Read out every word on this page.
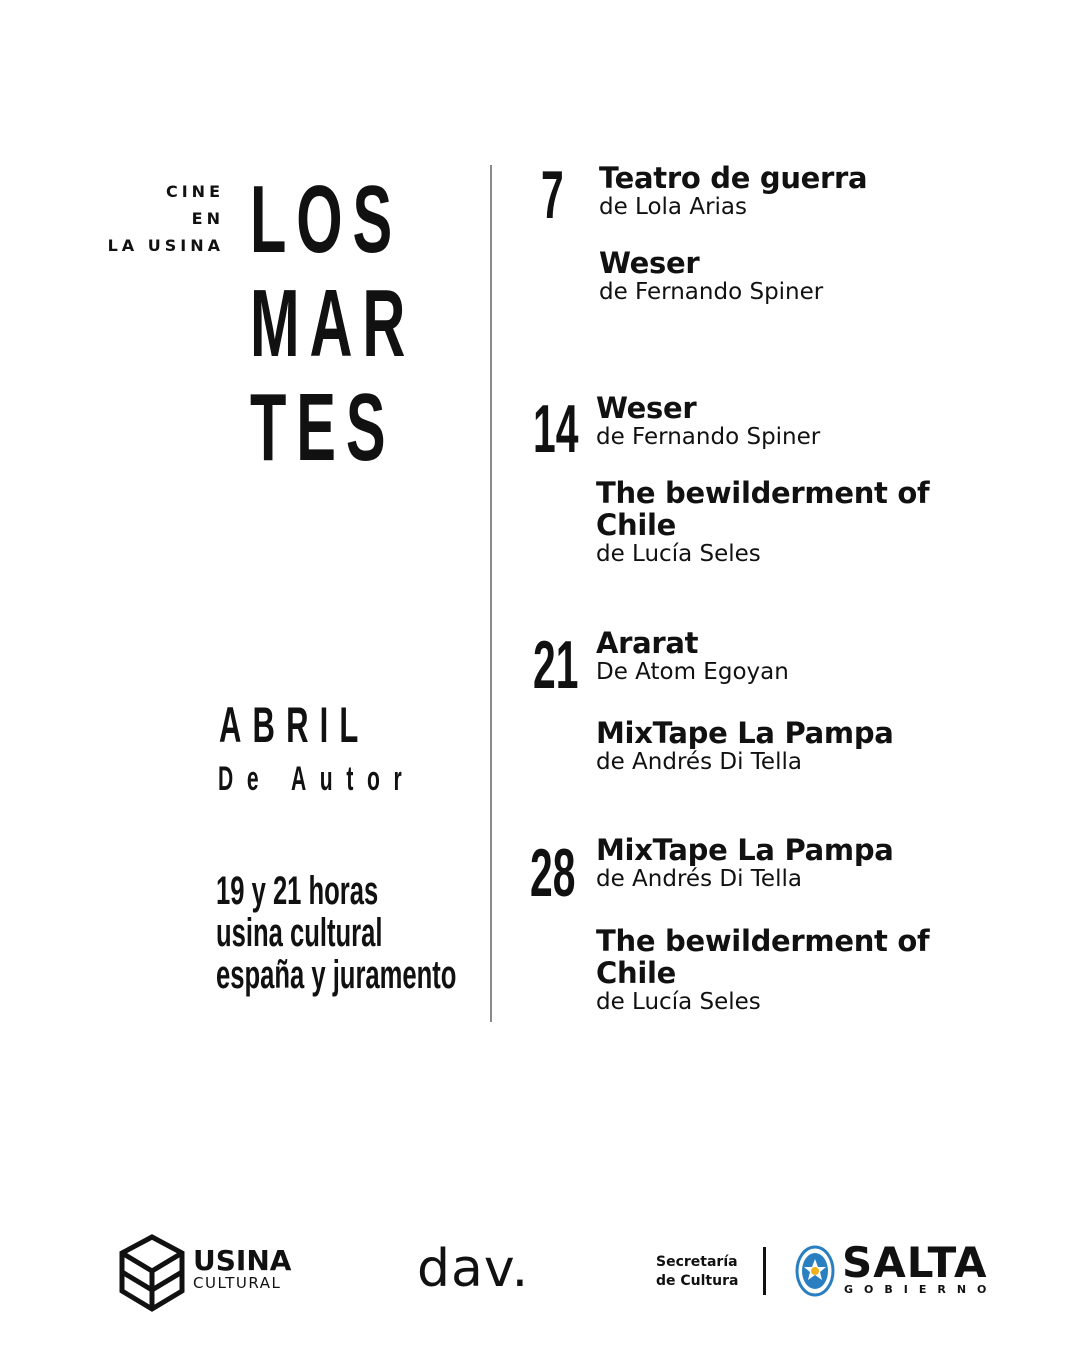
CINE
EN
LA USINA LOS
MAR
TES
ABRIL
De Autor
19 y 21 horas
usina cultural
españa y juramento
7 Teatro de guerra
de Lola Arias
Weser
de Fernando Spiner
14 Weser
de Fernando Spiner
The bewilderment of Chile
de Lucía Seles
21 Ararat
De Atom Egoyan
MixTape La Pampa
de Andrés Di Tella
28 MixTape La Pampa
de Andrés Di Tella
The bewilderment of Chile
de Lucía Seles
USINA
CULTURAL	dav.	Secretaría
de Cultura SALTA
GOBIERNO
